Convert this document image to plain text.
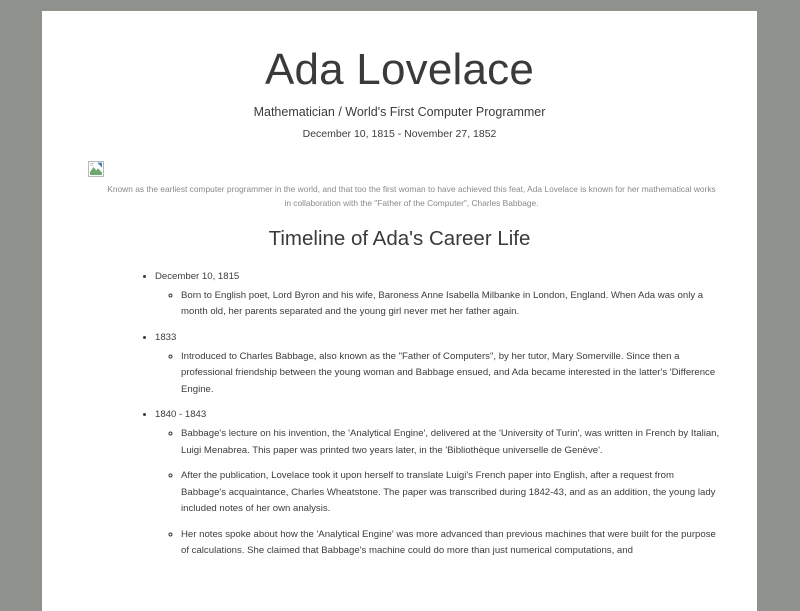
Ada Lovelace

Mathematician / World's First Computer Programmer

December 10, 1815 - November 27, 1852

Known as the earliest computer programmer in the world, and that too the first woman to have achieved this feat, Ada Lovelace is known for her mathematical works in collaboration with the "Father of the Computer", Charles Babbage.

Timeline of Ada's Career Life
• December 10, 1815
◦ Born to English poet, Lord Byron and his wife, Baroness Anne Isabella Milbanke in London, England. When Ada was only a month old, her parents separated and the young girl never met her father again.
• 1833
◦ Introduced to Charles Babbage, also known as the "Father of Computers", by her tutor, Mary Somerville. Since then a professional friendship between the young woman and Babbage ensued, and Ada became interested in the latter's 'Difference Engine.
• 1840 - 1843
◦ Babbage's lecture on his invention, the 'Analytical Engine', delivered at the 'University of Turin', was written in French by Italian, Luigi Menabrea. This paper was printed two years later, in the 'Bibliothèque universelle de Genève'.
◦ After the publication, Lovelace took it upon herself to translate Luigi's French paper into English, after a request from Babbage's acquaintance, Charles Wheatstone. The paper was transcribed during 1842-43, and as an addition, the young lady included notes of her own analysis.
◦ Her notes spoke about how the 'Analytical Engine' was more advanced than previous machines that were built for the purpose of calculations. She claimed that Babbage's machine could do more than just numerical computations, and
